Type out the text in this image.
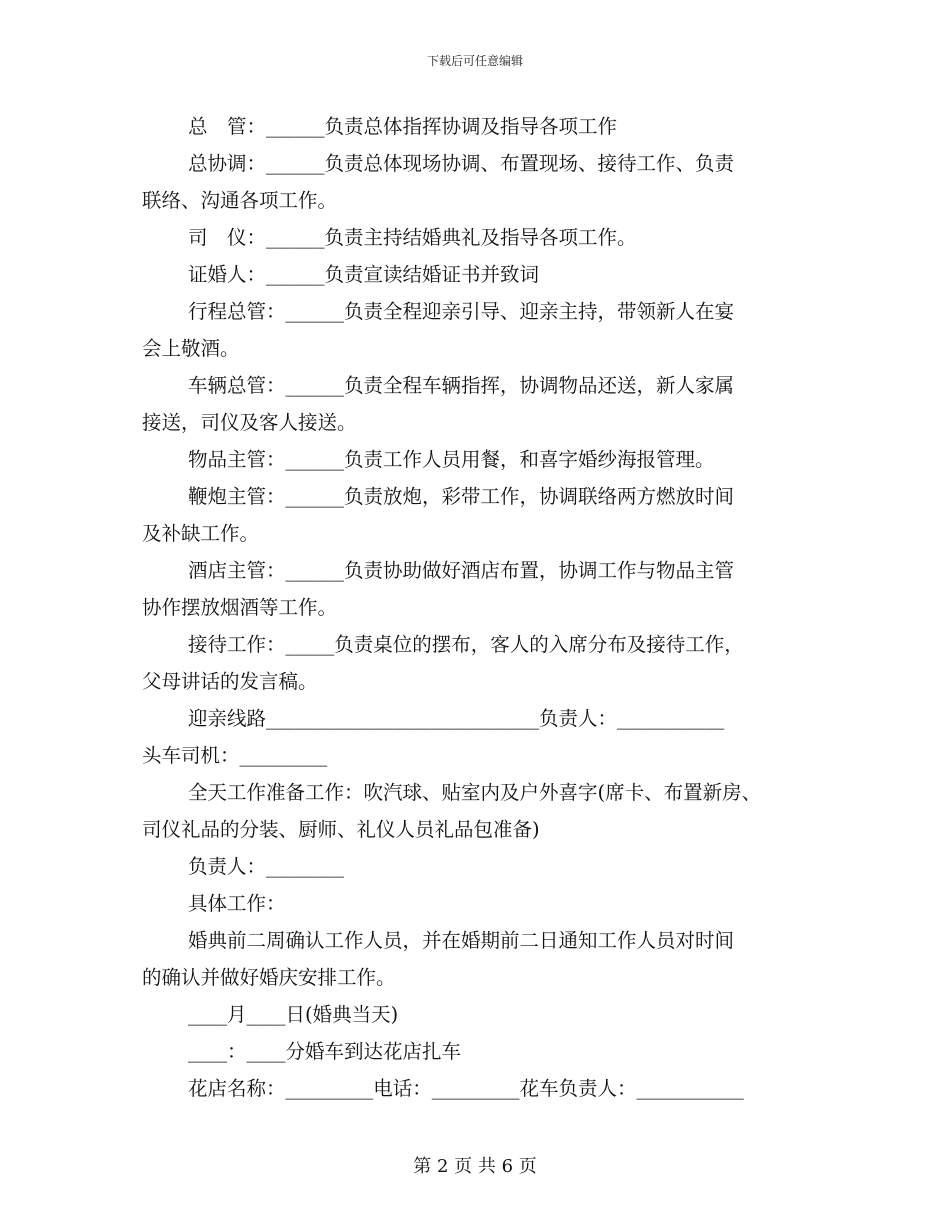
下载后可任意编辑

总　管：______负责总体指挥协调及指导各项工作

总协调：______负责总体现场协调、布置现场、接待工作、负责

联络、沟通各项工作。

司　仪：______负责主持结婚典礼及指导各项工作。

证婚人：______负责宣读结婚证书并致词

行程总管：______负责全程迎亲引导、迎亲主持，带领新人在宴

会上敬酒。

车辆总管：______负责全程车辆指挥，协调物品还送，新人家属

接送，司仪及客人接送。

物品主管：______负责工作人员用餐，和喜字婚纱海报管理。

鞭炮主管：______负责放炮，彩带工作，协调联络两方燃放时间

及补缺工作。

酒店主管：______负责协助做好酒店布置，协调工作与物品主管

协作摆放烟酒等工作。

接待工作：_____负责桌位的摆布，客人的入席分布及接待工作，

父母讲话的发言稿。

迎亲线路____________________________负责人：___________

头车司机：_________

全天工作准备工作：吹汽球、贴室内及户外喜字(席卡、布置新房、

司仪礼品的分装、厨师、礼仪人员礼品包准备)

负责人：________

具体工作：

婚典前二周确认工作人员，并在婚期前二日通知工作人员对时间

的确认并做好婚庆安排工作。

____月____日(婚典当天)

____：____分婚车到达花店扎车

花店名称：_________电话：_________花车负责人：___________

第 2 页 共 6 页
